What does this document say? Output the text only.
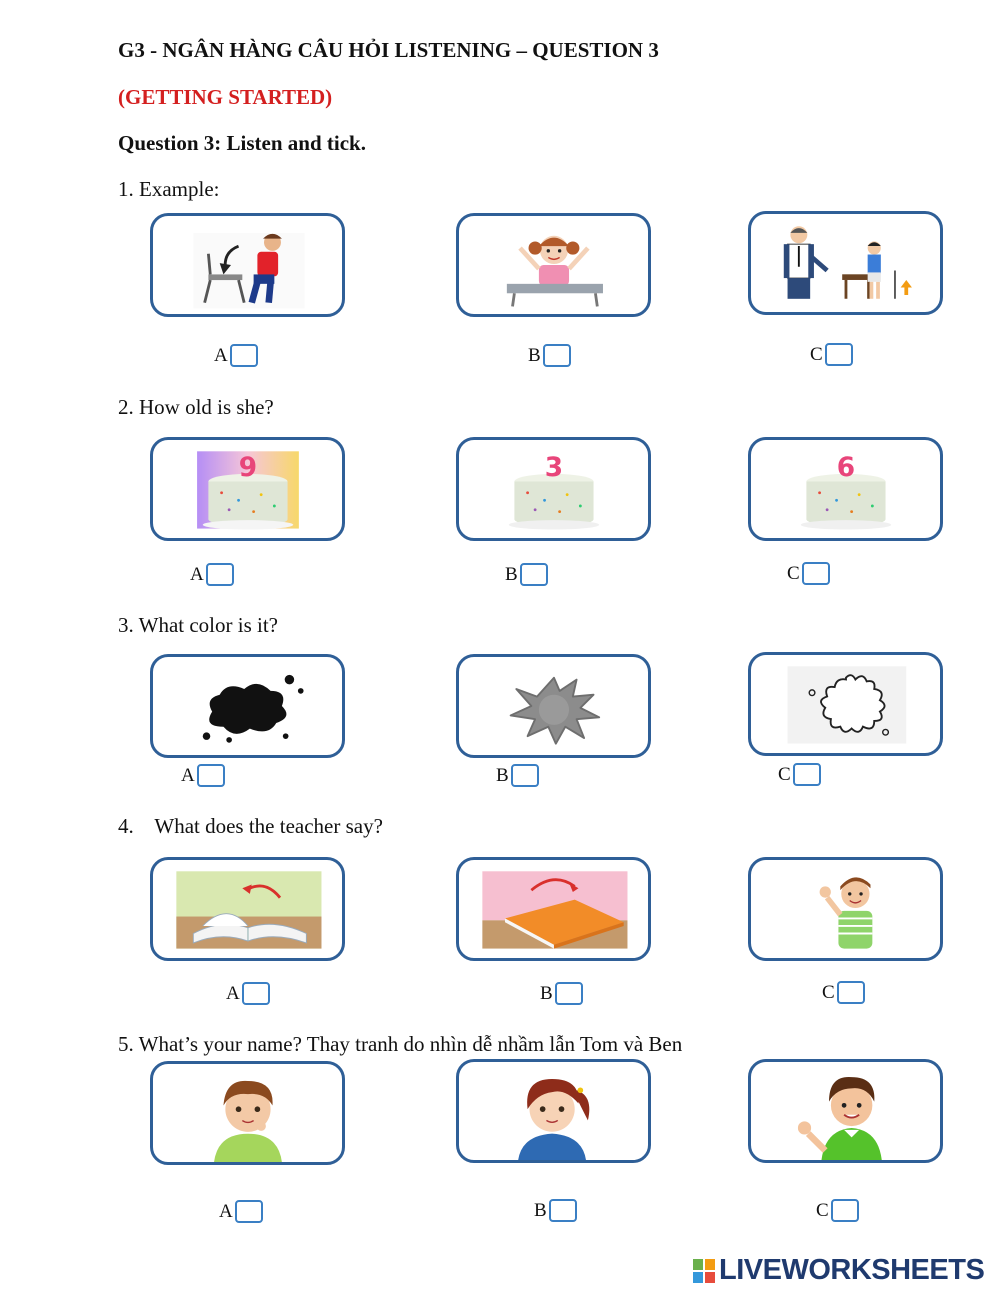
G3 - NGÂN HÀNG CÂU HỎI LISTENING – QUESTION 3
(GETTING STARTED)
Question 3: Listen and tick.
1. Example:
A	B	C
2. How old is she?
9	3	6
A	B	C
3. What color is it?
A	B	C
4.    What does the teacher say?
A	B	C
5. What’s your name? Thay tranh do nhìn dễ nhầm lẫn Tom và Ben
A	B	C
LIVEWORKSHEETS
